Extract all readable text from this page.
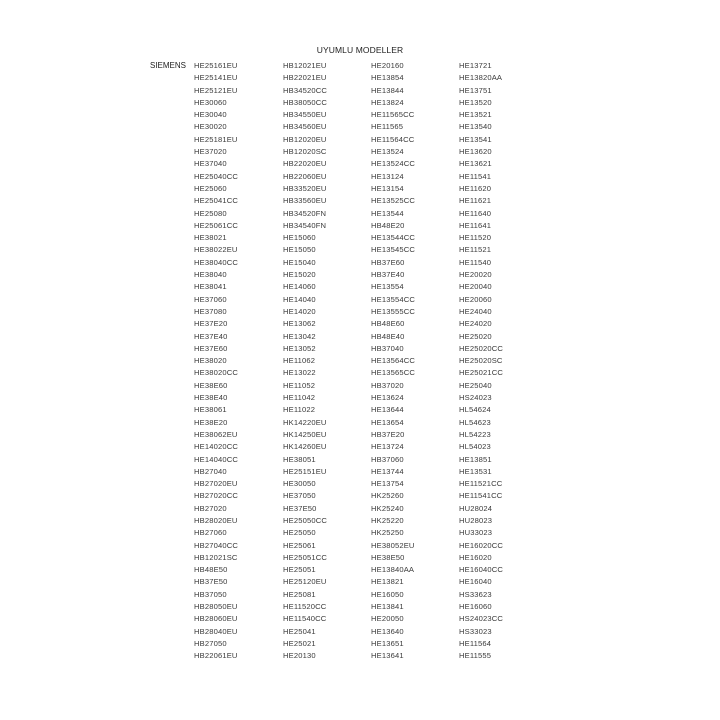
UYUMLU MODELLER
SIEMENS HE25161EU
HE25141EU
HE25121EU
HE30060
HE30040
HE30020
HE25181EU
HE37020
HE37040
HE25040CC
HE25060
HE25041CC
HE25080
HE25061CC
HE38021
HE38022EU
HE38040CC
HE38040
HE38041
HE37060
HE37080
HE37E20
HE37E40
HE37E60
HE38020
HE38020CC
HE38E60
HE38E40
HE38061
HE38E20
HE38062EU
HE14020CC
HE14040CC
HB27040
HB27020EU
HB27020CC
HB27020
HB28020EU
HB27060
HB27040CC
HB12021SC
HB48E50
HB37E50
HB37050
HB28050EU
HB28060EU
HB28040EU
HB27050
HB22061EU
HB12021EU
HB22021EU
HB34520CC
HB38050CC
HB34550EU
HB34560EU
HB12020EU
HB12020SC
HB22020EU
HB22060EU
HB33520EU
HB33560EU
HB34520FN
HB34540FN
HE15060
HE15050
HE15040
HE15020
HE14060
HE14040
HE14020
HE13062
HE13042
HE13052
HE11062
HE13022
HE11052
HE11042
HE11022
HK14220EU
HK14250EU
HK14260EU
HE38051
HE25151EU
HE30050
HE37050
HE37E50
HE25050CC
HE25050
HE25061
HE25051CC
HE25051
HE25120EU
HE25081
HE11520CC
HE11540CC
HE25041
HE25021
HE20130
HE20160
HE13854
HE13844
HE13824
HE11565CC
HE11565
HE11564CC
HE13524
HE13524CC
HE13124
HE13154
HE13525CC
HE13544
HB48E20
HE13544CC
HE13545CC
HB37E60
HB37E40
HE13554
HE13554CC
HE13555CC
HB48E60
HB48E40
HB37040
HE13564CC
HE13565CC
HB37020
HE13624
HE13644
HE13654
HB37E20
HE13724
HB37060
HE13744
HE13754
HK25260
HK25240
HK25220
HK25250
HE38052EU
HE38E50
HE13840AA
HE13821
HE16050
HE13841
HE20050
HE13640
HE13651
HE13641
HE13721
HE13820AA
HE13751
HE13520
HE13521
HE13540
HE13541
HE13620
HE13621
HE11541
HE11620
HE11621
HE11640
HE11641
HE11520
HE11521
HE11540
HE20020
HE20040
HE20060
HE24040
HE24020
HE25020
HE25020CC
HE25020SC
HE25021CC
HE25040
HS24023
HL54624
HL54623
HL54223
HL54023
HE13851
HE13531
HE11521CC
HE11541CC
HU28024
HU28023
HU33023
HE16020CC
HE16020
HE16040CC
HE16040
HS33623
HE16060
HS24023CC
HS33023
HE11564
HE11555
